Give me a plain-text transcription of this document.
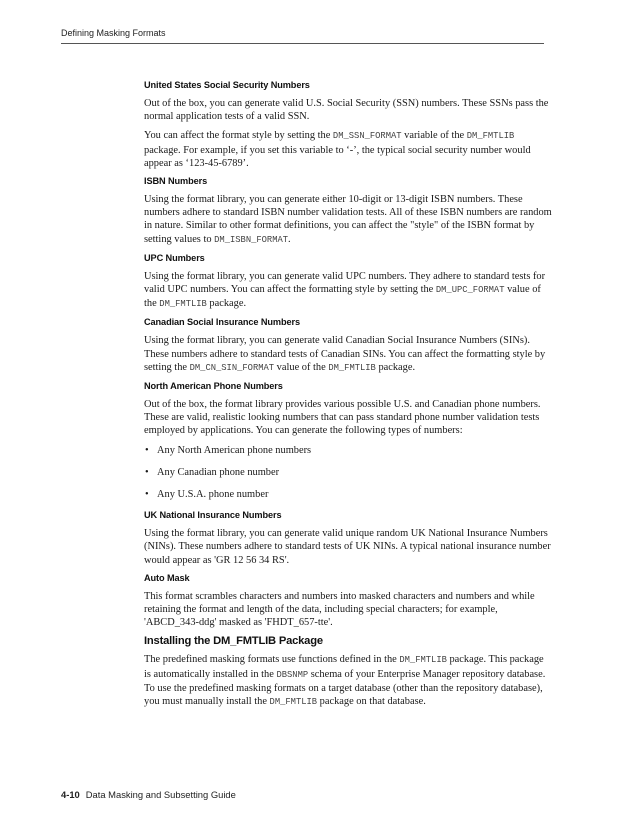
Defining Masking Formats
United States Social Security Numbers

Out of the box, you can generate valid U.S. Social Security (SSN) numbers. These SSNs pass the normal application tests of a valid SSN.

You can affect the format style by setting the DM_SSN_FORMAT variable of the DM_FMTLIB package. For example, if you set this variable to ‘-’, the typical social security number would appear as ‘123-45-6789’.

ISBN Numbers

Using the format library, you can generate either 10-digit or 13-digit ISBN numbers. These numbers adhere to standard ISBN number validation tests. All of these ISBN numbers are random in nature. Similar to other format definitions, you can affect the "style" of the ISBN format by setting values to DM_ISBN_FORMAT.

UPC Numbers

Using the format library, you can generate valid UPC numbers. They adhere to standard tests for valid UPC numbers. You can affect the formatting style by setting the DM_UPC_FORMAT value of the DM_FMTLIB package.

Canadian Social Insurance Numbers

Using the format library, you can generate valid Canadian Social Insurance Numbers (SINs). These numbers adhere to standard tests of Canadian SINs. You can affect the formatting style by setting the DM_CN_SIN_FORMAT value of the DM_FMTLIB package.

North American Phone Numbers

Out of the box, the format library provides various possible U.S. and Canadian phone numbers. These are valid, realistic looking numbers that can pass standard phone number validation tests employed by applications. You can generate the following types of numbers:

• Any North American phone numbers
• Any Canadian phone number
• Any U.S.A. phone number
UK National Insurance Numbers

Using the format library, you can generate valid unique random UK National Insurance Numbers (NINs). These numbers adhere to standard tests of UK NINs. A typical national insurance number would appear as 'GR 12 56 34 RS'.

Auto Mask

This format scrambles characters and numbers into masked characters and numbers and while retaining the format and length of the data, including special characters; for example, 'ABCD_343-ddg' masked as 'FHDT_657-tte'.

Installing the DM_FMTLIB Package

The predefined masking formats use functions defined in the DM_FMTLIB package. This package is automatically installed in the DBSNMP schema of your Enterprise Manager repository database. To use the predefined masking formats on a target database (other than the repository database), you must manually install the DM_FMTLIB package on that database.

4-10 Data Masking and Subsetting Guide
